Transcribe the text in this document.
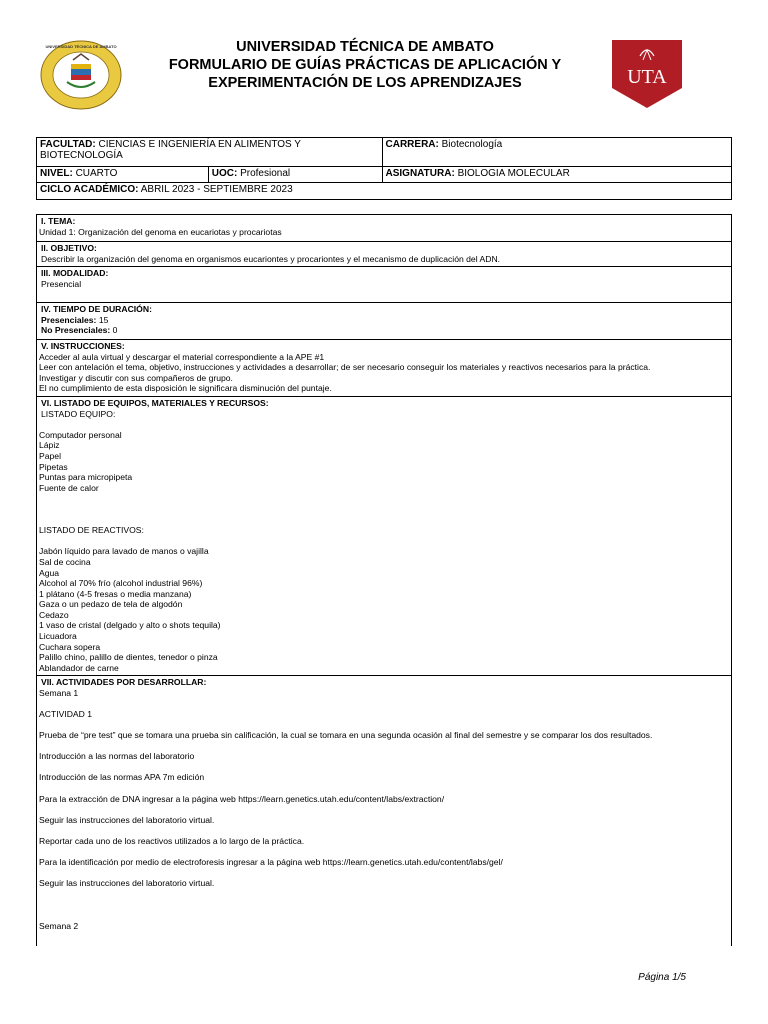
UNIVERSIDAD TÉCNICA DE AMBATO	UNIVERSIDAD TÉCNICA DE AMBATO
FORMULARIO DE GUÍAS PRÁCTICAS DE APLICACIÓN Y
EXPERIMENTACIÓN DE LOS APRENDIZAJES	UTA
FACULTAD: CIENCIAS E INGENIERÍA EN ALIMENTOS Y BIOTECNOLOGÍA		CARRERA: Biotecnología
NIVEL: CUARTO	UOC: Profesional	ASIGNATURA: BIOLOGIA MOLECULAR
CICLO ACADÉMICO: ABRIL 2023 - SEPTIEMBRE 2023		
I. TEMA:
Unidad 1: Organización del genoma en eucariotas y procariotas

II. OBJETIVO:
Describir la organización del genoma en organismos eucariontes y procariontes y el mecanismo de duplicación del ADN.

III. MODALIDAD:
Presencial

IV. TIEMPO DE DURACIÓN:
Presenciales: 15
No Presenciales: 0

V. INSTRUCCIONES:
Acceder al aula virtual y descargar el material correspondiente a la APE #1
Leer con antelación el tema, objetivo, instrucciones y actividades a desarrollar; de ser necesario conseguir los materiales y reactivos necesarios para la práctica.
Investigar y discutir con sus compañeros de grupo.
El no cumplimiento de esta disposición le significara disminución del puntaje.

VI. LISTADO DE EQUIPOS, MATERIALES Y RECURSOS:
LISTADO EQUIPO:
Computador personal
Lápiz
Papel
Pipetas
Puntas para micropipeta
Fuente de calor
LISTADO DE REACTIVOS:
Jabón líquido para lavado de manos o vajilla
Sal de cocina
Agua
Alcohol al 70% frío (alcohol industrial 96%)
1 plátano (4-5 fresas o media manzana)
Gaza o un pedazo de tela de algodón
Cedazo
1 vaso de cristal (delgado y alto o shots tequila)
Licuadora
Cuchara sopera
Palillo chino, palillo de dientes, tenedor o pinza
Ablandador de carne

VII. ACTIVIDADES POR DESARROLLAR:
Semana 1
ACTIVIDAD 1
Prueba de “pre test” que se tomara una prueba sin calificación, la cual se tomara en una segunda ocasión al final del semestre y se comparar los dos resultados.
Introducción a las normas del laboratorio
Introducción de las normas APA 7m edición
Para la extracción de DNA ingresar a la página web https://learn.genetics.utah.edu/content/labs/extraction/
Seguir las instrucciones del laboratorio virtual.
Reportar cada uno de los reactivos utilizados a lo largo de la práctica.
Para la identificación por medio de electroforesis ingresar a la página web https://learn.genetics.utah.edu/content/labs/gel/
Seguir las instrucciones del laboratorio virtual.
Semana 2
Página 1/5
